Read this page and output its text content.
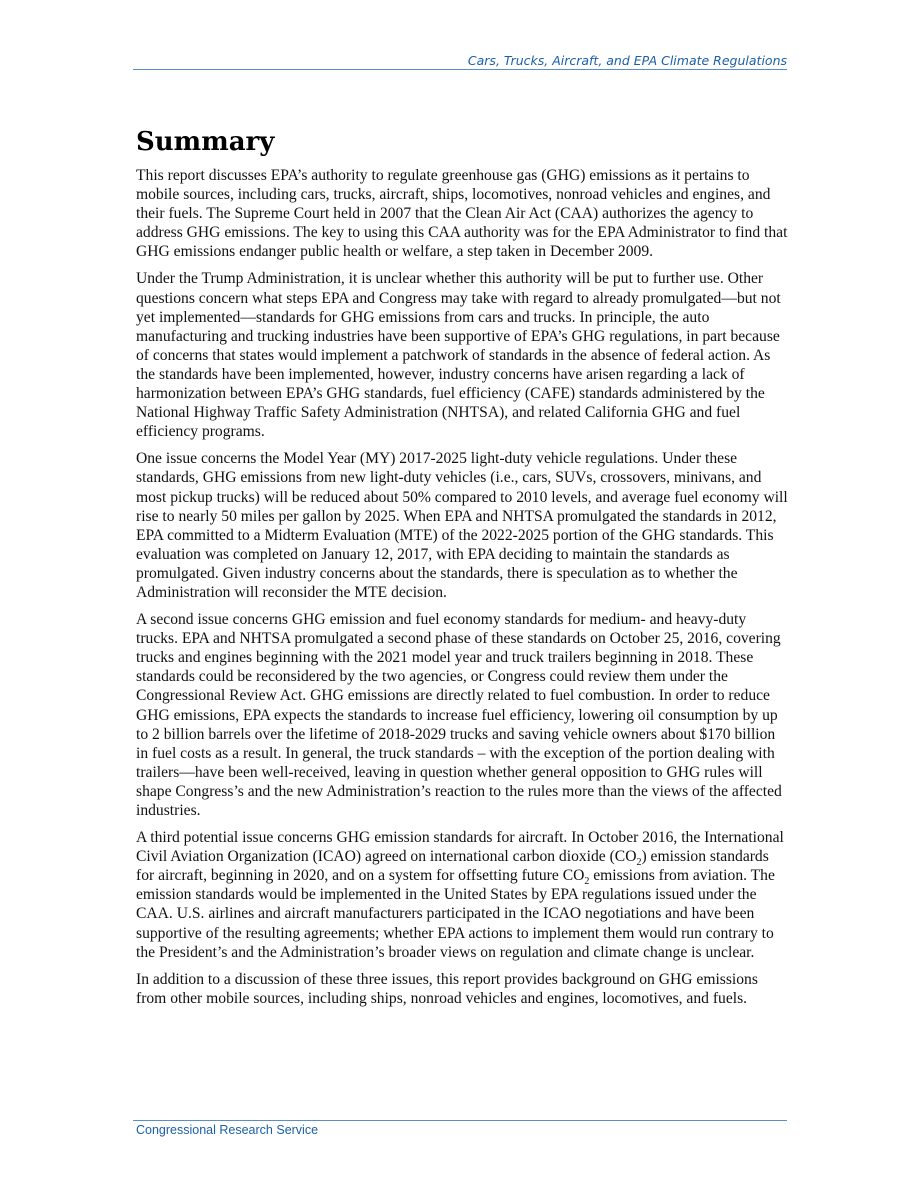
Cars, Trucks, Aircraft, and EPA Climate Regulations
Summary

This report discusses EPA’s authority to regulate greenhouse gas (GHG) emissions as it pertains to mobile sources, including cars, trucks, aircraft, ships, locomotives, nonroad vehicles and engines, and their fuels. The Supreme Court held in 2007 that the Clean Air Act (CAA) authorizes the agency to address GHG emissions. The key to using this CAA authority was for the EPA Administrator to find that GHG emissions endanger public health or welfare, a step taken in December 2009.

Under the Trump Administration, it is unclear whether this authority will be put to further use. Other questions concern what steps EPA and Congress may take with regard to already promulgated—but not yet implemented—standards for GHG emissions from cars and trucks. In principle, the auto manufacturing and trucking industries have been supportive of EPA’s GHG regulations, in part because of concerns that states would implement a patchwork of standards in the absence of federal action. As the standards have been implemented, however, industry concerns have arisen regarding a lack of harmonization between EPA’s GHG standards, fuel efficiency (CAFE) standards administered by the National Highway Traffic Safety Administration (NHTSA), and related California GHG and fuel efficiency programs.

One issue concerns the Model Year (MY) 2017-2025 light-duty vehicle regulations. Under these standards, GHG emissions from new light-duty vehicles (i.e., cars, SUVs, crossovers, minivans, and most pickup trucks) will be reduced about 50% compared to 2010 levels, and average fuel economy will rise to nearly 50 miles per gallon by 2025. When EPA and NHTSA promulgated the standards in 2012, EPA committed to a Midterm Evaluation (MTE) of the 2022-2025 portion of the GHG standards. This evaluation was completed on January 12, 2017, with EPA deciding to maintain the standards as promulgated. Given industry concerns about the standards, there is speculation as to whether the Administration will reconsider the MTE decision.

A second issue concerns GHG emission and fuel economy standards for medium- and heavy-duty trucks. EPA and NHTSA promulgated a second phase of these standards on October 25, 2016, covering trucks and engines beginning with the 2021 model year and truck trailers beginning in 2018. These standards could be reconsidered by the two agencies, or Congress could review them under the Congressional Review Act. GHG emissions are directly related to fuel combustion. In order to reduce GHG emissions, EPA expects the standards to increase fuel efficiency, lowering oil consumption by up to 2 billion barrels over the lifetime of 2018-2029 trucks and saving vehicle owners about $170 billion in fuel costs as a result. In general, the truck standards – with the exception of the portion dealing with trailers—have been well-received, leaving in question whether general opposition to GHG rules will shape Congress’s and the new Administration’s reaction to the rules more than the views of the affected industries.

A third potential issue concerns GHG emission standards for aircraft. In October 2016, the International Civil Aviation Organization (ICAO) agreed on international carbon dioxide $(CO_2)$ emission standards for aircraft, beginning in 2020, and on a system for offsetting future $CO_2$ emissions from aviation. The emission standards would be implemented in the United States by EPA regulations issued under the CAA. U.S. airlines and aircraft manufacturers participated in the ICAO negotiations and have been supportive of the resulting agreements; whether EPA actions to implement them would run contrary to the President’s and the Administration’s broader views on regulation and climate change is unclear.

In addition to a discussion of these three issues, this report provides background on GHG emissions from other mobile sources, including ships, nonroad vehicles and engines, locomotives, and fuels.

Congressional Research Service
